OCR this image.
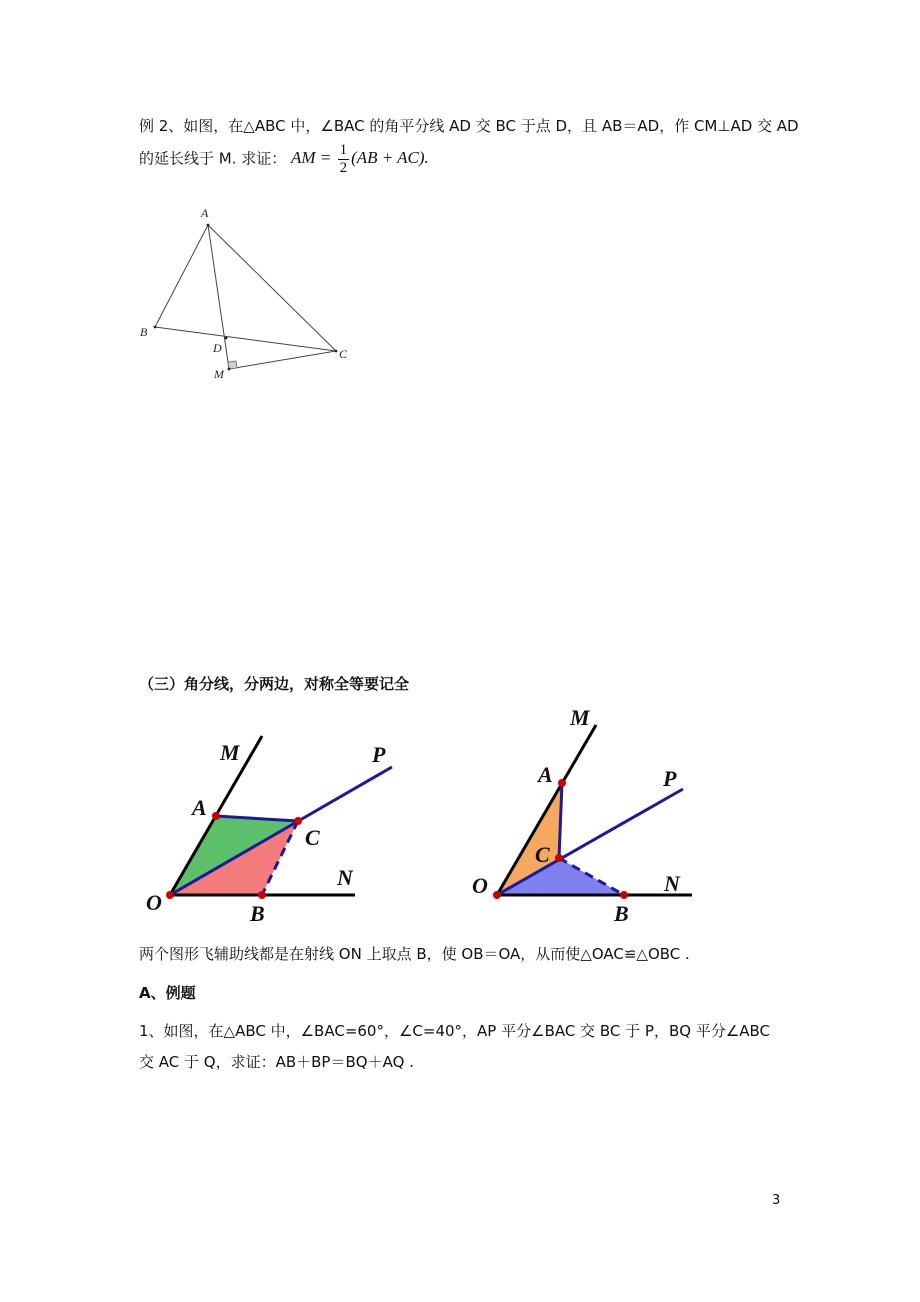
例 2、如图，在△ABC 中，∠BAC 的角平分线 AD 交 BC 于点 D，且 AB＝AD，作 CM⊥AD 交 AD
的延长线于 M. 求证： AM = $\frac{1}{2} (AB + AC)$.
A
B
C
D
M
（三）角分线，分两边，对称全等要记全
M	P
A
C
N
O	B
M
A	P
C
O	N
B
两个图形飞辅助线都是在射线 ON 上取点 B，使 OB＝OA，从而使△OAC≌△OBC .
A、例题
1、如图，在△ABC 中，∠BAC=60°，∠C=40°，AP 平分∠BAC 交 BC 于 P，BQ 平分∠ABC
交 AC 于 Q，求证：AB＋BP＝BQ＋AQ .
3
